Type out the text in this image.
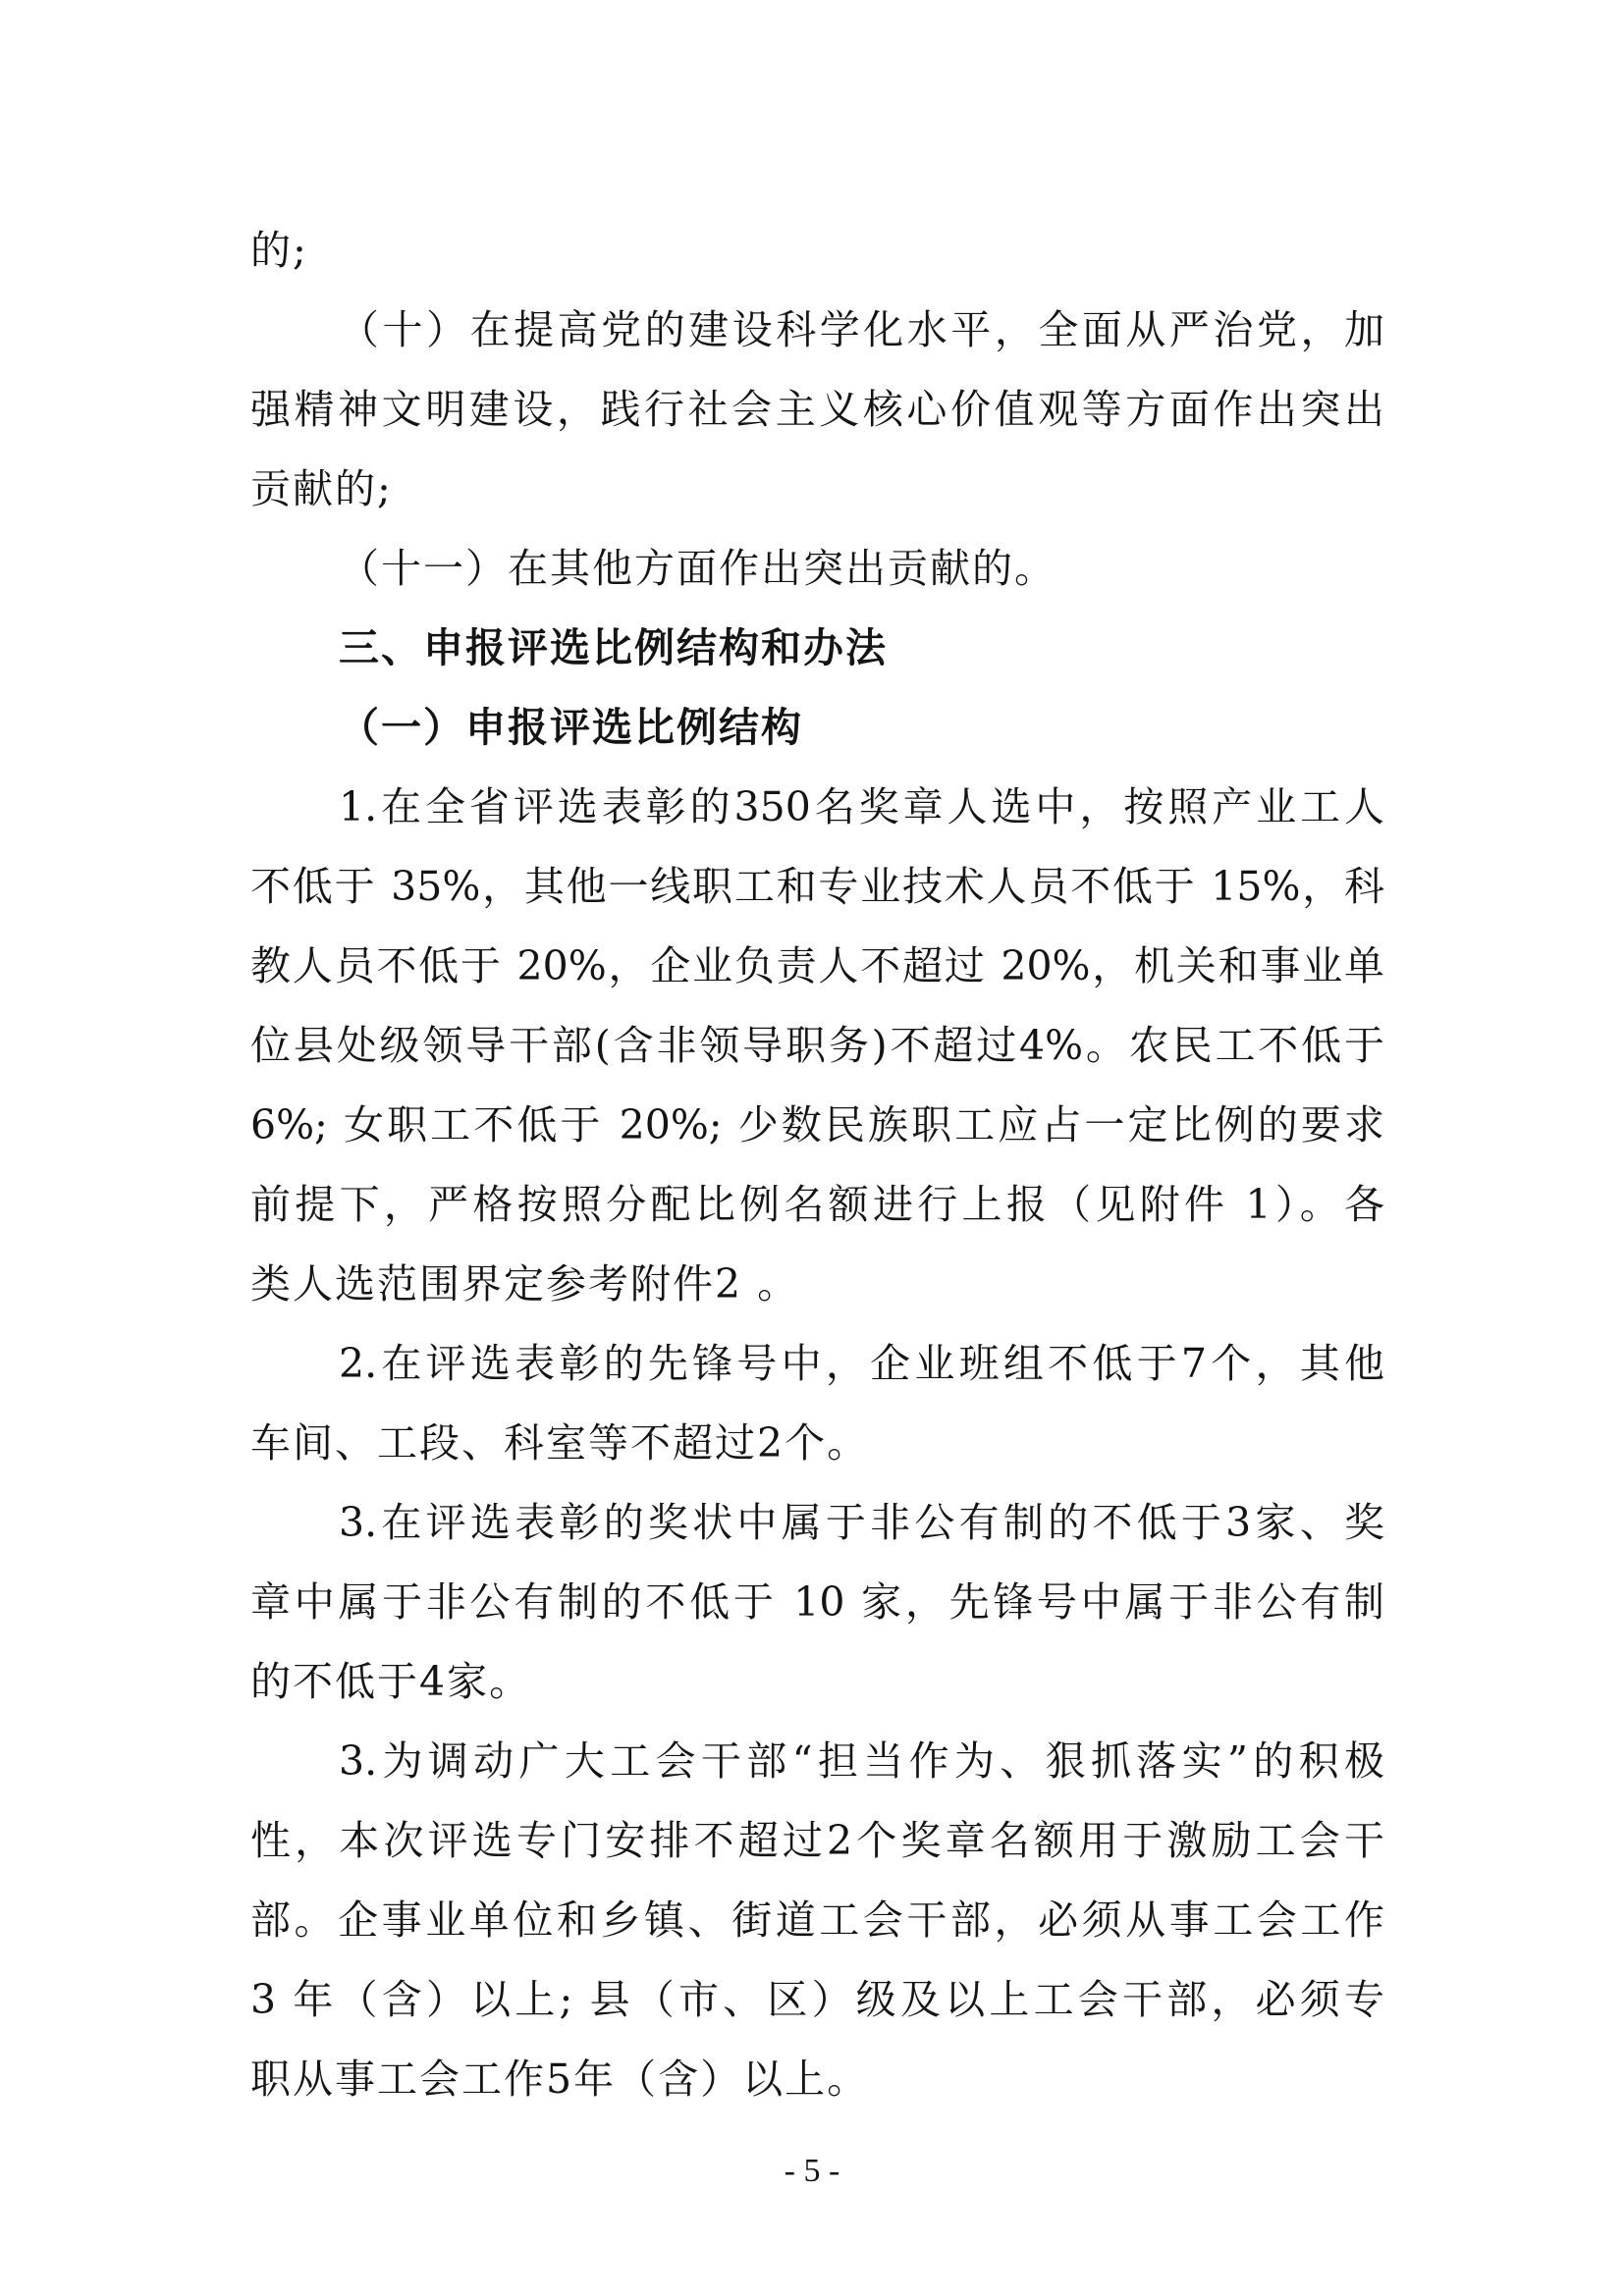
的;
（十）在提高党的建设科学化水平，全面从严治党，加
强精神文明建设，践行社会主义核心价值观等方面作出突出
贡献的;
（十一）在其他方面作出突出贡献的。
三、申报评选比例结构和办法
（一）申报评选比例结构
1.在全省评选表彰的350名奖章人选中，按照产业工人
不低于 35%，其他一线职工和专业技术人员不低于 15%，科
教人员不低于 20%，企业负责人不超过 20%，机关和事业单
位县处级领导干部(含非领导职务)不超过4%。农民工不低于
6%; 女职工不低于 20%; 少数民族职工应占一定比例的要求
前提下，严格按照分配比例名额进行上报（见附件 1）。各
类人选范围界定参考附件2 。
2.在评选表彰的先锋号中，企业班组不低于7个，其他
车间、工段、科室等不超过2个。
3.在评选表彰的奖状中属于非公有制的不低于3家、奖
章中属于非公有制的不低于 10 家，先锋号中属于非公有制
的不低于4家。
3.为调动广大工会干部“担当作为、狠抓落实”的积极
性，本次评选专门安排不超过2个奖章名额用于激励工会干
部。企事业单位和乡镇、街道工会干部，必须从事工会工作
3 年（含）以上; 县（市、区）级及以上工会干部，必须专
职从事工会工作5年（含）以上。
- 5 -
